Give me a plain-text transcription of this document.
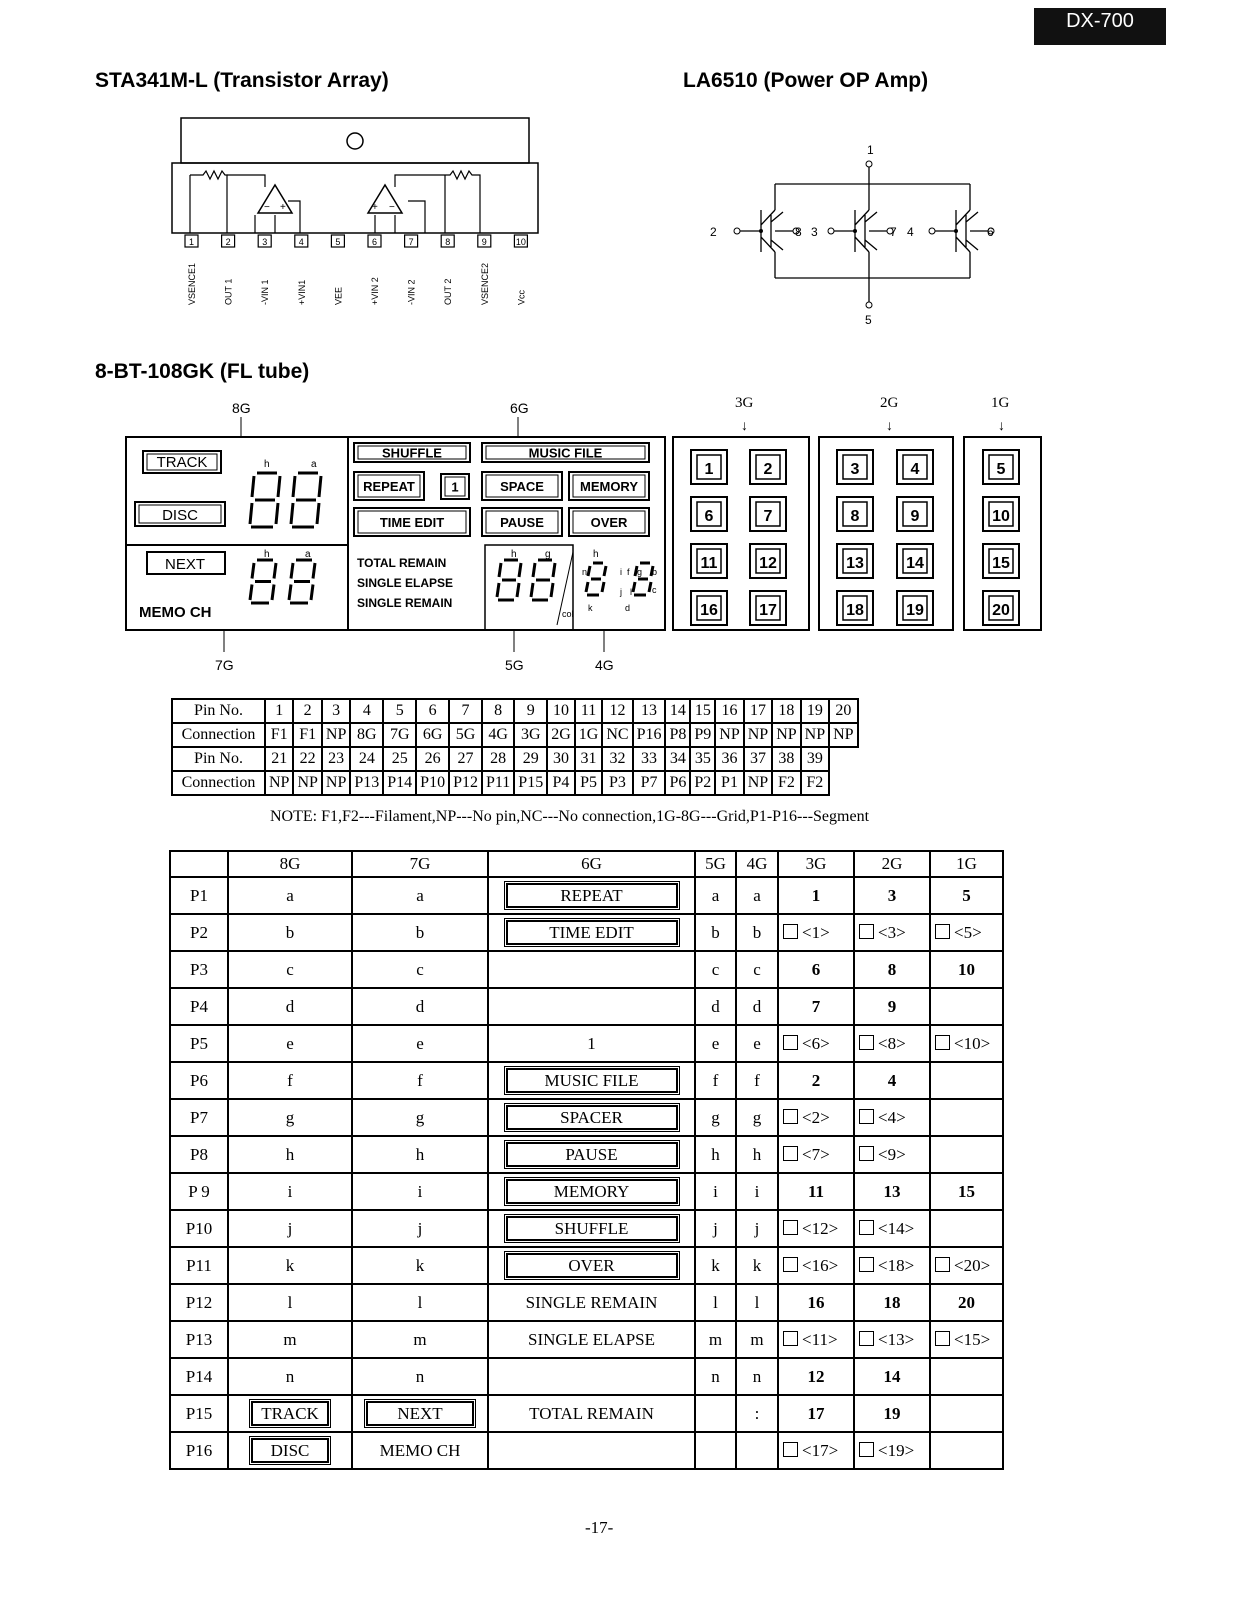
DX-700
STA341M-L (Transistor Array)	LA6510 (Power OP Amp)
8-BT-108GK (FL tube)
− +	+ −
1
VSENCE1
2
OUT 1
3
-VIN 1
4
+VIN1
5
VEE
6
+VIN 2
7
-VIN 2
8
OUT 2
9
VSENCE2
10
Vcc
1
5
2	8 3	7 4	6
8G	6G	3G	2G	1G
↓	↓	↓
7G	5G	4G
TRACK
DISC
NEXT
MEMO CH
h	a
h	a
SHUFFLE	MUSIC FILE
REPEAT	1	SPACE	MEMORY
TIME EDIT	PAUSE	OVER
TOTAL REMAIN
SINGLE ELAPSE
SINGLE REMAIN
h	g	h
n	i f g b
j l c
k	d
col
1	2
6	7
11	12
16	17
3	4
8	9
13	14
18	19
5
10
15
20
Pin No.	1	2	3	4	5	6	7	8	9	10	11	12	13	14	15	16	17	18	19	20
Connection	F1	F1	NP	8G	7G	6G	5G	4G	3G	2G	1G	NC	P16	P8	P9	NP	NP	NP	NP	NP
Pin No.	21	22	23	24	25	26	27	28	29	30	31	32	33	34	35	36	37	38	39	
Connection	NP	NP	NP	P13	P14	P10	P12	P11	P15	P4	P5	P3	P7	P6	P2	P1	NP	F2	F2	
NOTE: F1,F2---Filament,NP---No pin,NC---No connection,1G-8G---Grid,P1-P16---Segment
	8G	7G	6G	5G	4G	3G	2G	1G
P1	a	a	REPEAT	a	a	1	3	5
P2	b	b	TIME EDIT	b	b	<1>	<3>	<5>
P3	c	c		c	c	6	8	10
P4	d	d		d	d	7	9	
P5	e	e	1	e	e	<6>	<8>	<10>
P6	f	f	MUSIC FILE	f	f	2	4	
P7	g	g	SPACER	g	g	<2>	<4>	
P8	h	h	PAUSE	h	h	<7>	<9>	
P 9	i	i	MEMORY	i	i	11	13	15
P10	j	j	SHUFFLE	j	j	<12>	<14>	
P11	k	k	OVER	k	k	<16>	<18>	<20>
P12	l	l	SINGLE REMAIN	l	l	16	18	20
P13	m	m	SINGLE ELAPSE	m	m	<11>	<13>	<15>
P14	n	n		n	n	12	14	
P15	TRACK	NEXT	TOTAL REMAIN		:	17	19	
P16	DISC	MEMO CH				<17>	<19>	
-17-
